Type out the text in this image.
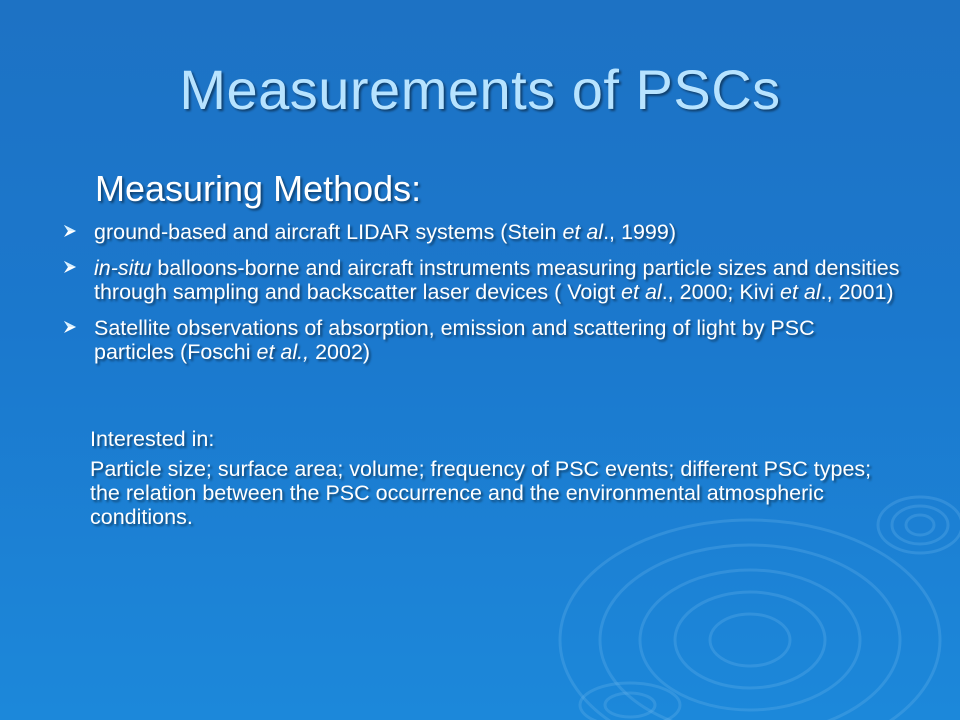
Measurements of PSCs
Measuring Methods:
ground-based and aircraft LIDAR systems (Stein et al., 1999)
in-situ balloons-borne and aircraft instruments measuring particle sizes and densities through sampling and backscatter laser devices ( Voigt et al., 2000; Kivi et al., 2001)
Satellite observations of absorption, emission and scattering of light by PSC particles (Foschi et al., 2002)
Interested in:
Particle size; surface area; volume; frequency of PSC events; different PSC types; the relation between the PSC occurrence and the environmental atmospheric conditions.
